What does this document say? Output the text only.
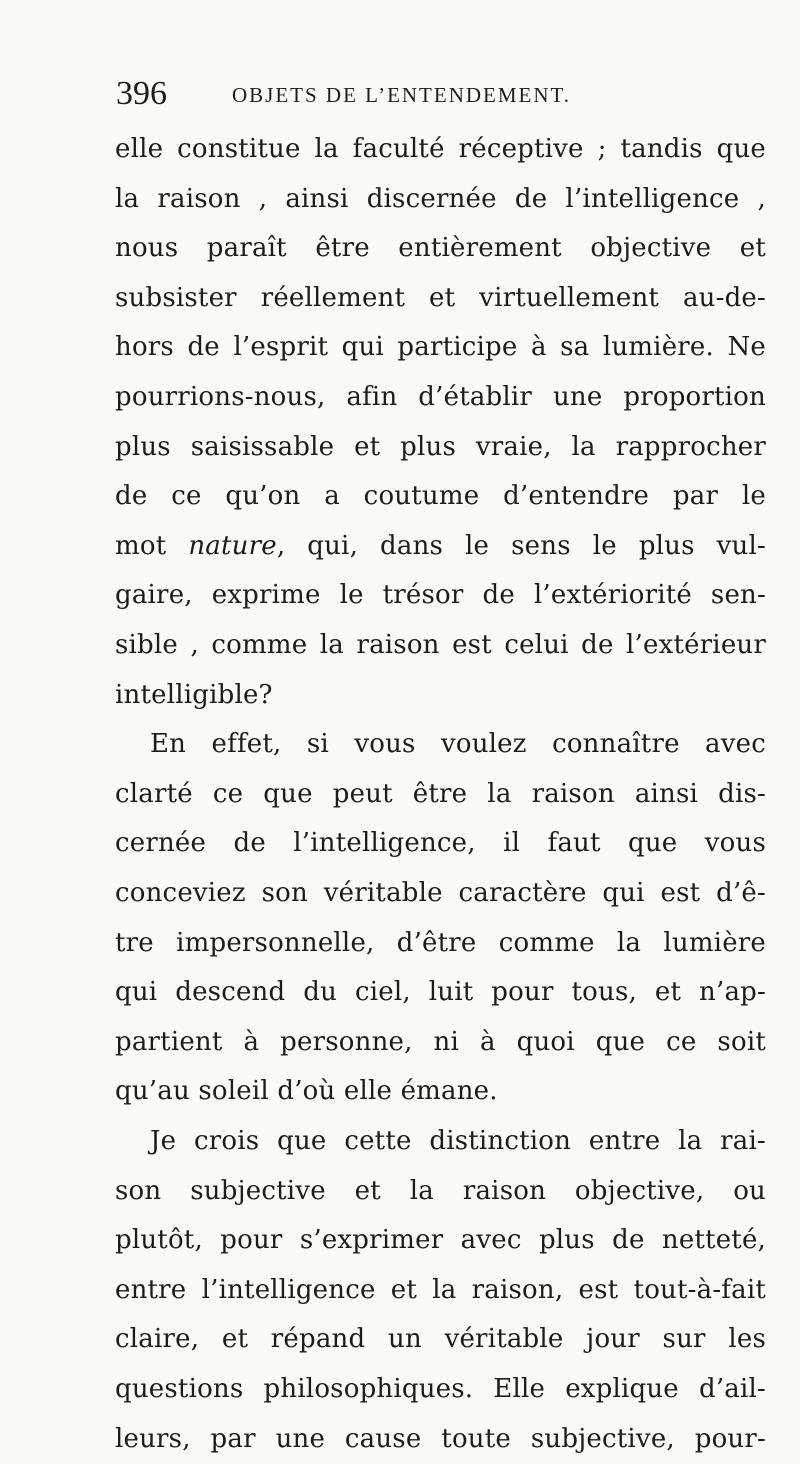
396	OBJETS DE L’ENTENDEMENT.
elle constitue la faculté réceptive ; tandis que
la raison , ainsi discernée de l’intelligence ,
nous paraît être entièrement objective et
subsister réellement et virtuellement au-de-
hors de l’esprit qui participe à sa lumière. Ne
pourrions-nous, afin d’établir une proportion
plus saisissable et plus vraie, la rapprocher
de ce qu’on a coutume d’entendre par le
mot nature, qui, dans le sens le plus vul-
gaire, exprime le trésor de l’extériorité sen-
sible , comme la raison est celui de l’extérieur
intelligible?
En effet, si vous voulez connaître avec
clarté ce que peut être la raison ainsi dis-
cernée de l’intelligence, il faut que vous
conceviez son véritable caractère qui est d’ê-
tre impersonnelle, d’être comme la lumière
qui descend du ciel, luit pour tous, et n’ap-
partient à personne, ni à quoi que ce soit
qu’au soleil d’où elle émane.
Je crois que cette distinction entre la rai-
son subjective et la raison objective, ou
plutôt, pour s’exprimer avec plus de netteté,
entre l’intelligence et la raison, est tout-à-fait
claire, et répand un véritable jour sur les
questions philosophiques. Elle explique d’ail-
leurs, par une cause toute subjective, pour-
